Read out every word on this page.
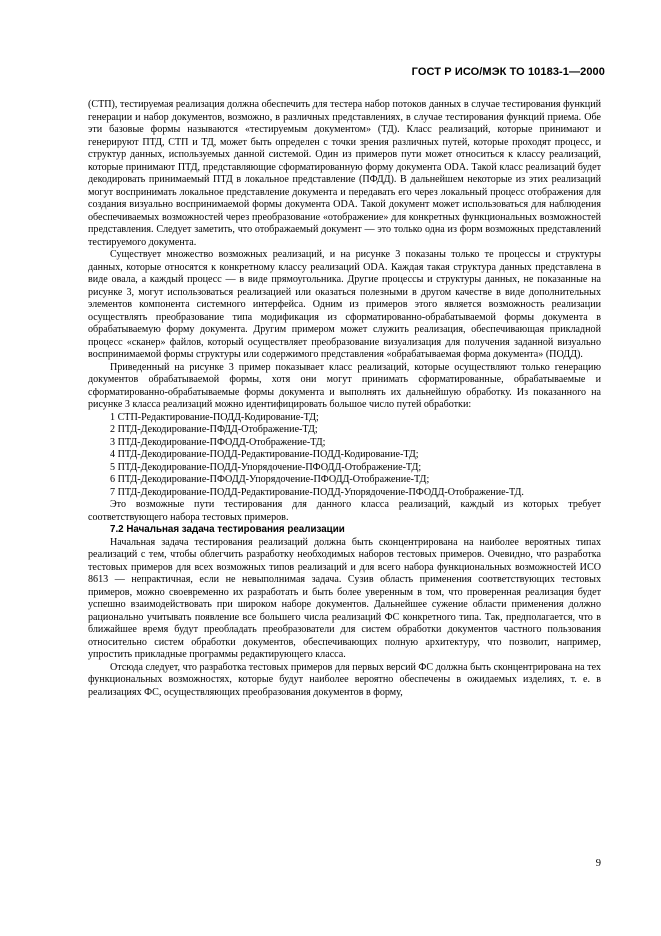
ГОСТ Р ИСО/МЭК ТО 10183-1—2000

(СТП), тестируемая реализация должна обеспечить для тестера набор потоков данных в случае тестирования функций генерации и набор документов, возможно, в различных представлениях, в случае тестирования функций приема. Обе эти базовые формы называются «тестируемым документом» (ТД). Класс реализаций, которые принимают и генерируют ПТД, СТП и ТД, может быть определен с точки зрения различных путей, которые проходят процесс, и структур данных, используемых данной системой. Один из примеров пути может относиться к классу реализаций, которые принимают ПТД, представляющие сформатированную форму документа ODA. Такой класс реализаций будет декодировать принимаемый ПТД в локальное представление (ПФДД). В дальнейшем некоторые из этих реализаций могут воспринимать локальное представление документа и передавать его через локальный процесс отображения для создания визуально воспринимаемой формы документа ODA. Такой документ может использоваться для наблюдения обеспечиваемых возможностей через преобразование «отображение» для конкретных функциональных возможностей представления. Следует заметить, что отображаемый документ — это только одна из форм возможных представлений тестируемого документа.

Существует множество возможных реализаций, и на рисунке 3 показаны только те процессы и структуры данных, которые относятся к конкретному классу реализаций ODA. Каждая такая структура данных представлена в виде овала, а каждый процесс — в виде прямоугольника. Другие процессы и структуры данных, не показанные на рисунке 3, могут использоваться реализацией или оказаться полезными в другом качестве в виде дополнительных элементов компонента системного интерфейса. Одним из примеров этого является возможность реализации осуществлять преобразование типа модификация из сформатированно-обрабатываемой формы документа в обрабатываемую форму документа. Другим примером может служить реализация, обеспечивающая прикладной процесс «сканер» файлов, который осуществляет преобразование визуализация для получения заданной визуально воспринимаемой формы структуры или содержимого представления «обрабатываемая форма документа» (ПОДД).

Приведенный на рисунке 3 пример показывает класс реализаций, которые осуществляют только генерацию документов обрабатываемой формы, хотя они могут принимать сформатированные, обрабатываемые и сформатированно-обрабатываемые формы документа и выполнять их дальнейшую обработку. Из показанного на рисунке 3 класса реализаций можно идентифицировать большое число путей обработки:

1 СТП-Редактирование-ПОДД-Кодирование-ТД;

2 ПТД-Декодирование-ПФДД-Отображение-ТД;

3 ПТД-Декодирование-ПФОДД-Отображение-ТД;

4 ПТД-Декодирование-ПОДД-Редактирование-ПОДД-Кодирование-ТД;

5 ПТД-Декодирование-ПОДД-Упорядочение-ПФОДД-Отображение-ТД;

6 ПТД-Декодирование-ПФОДД-Упорядочение-ПФОДД-Отображение-ТД;

7 ПТД-Декодирование-ПОДД-Редактирование-ПОДД-Упорядочение-ПФОДД-Отображение-ТД.

Это возможные пути тестирования для данного класса реализаций, каждый из которых требует соответствующего набора тестовых примеров.

7.2 Начальная задача тестирования реализации

Начальная задача тестирования реализаций должна быть сконцентрирована на наиболее вероятных типах реализаций с тем, чтобы облегчить разработку необходимых наборов тестовых примеров. Очевидно, что разработка тестовых примеров для всех возможных типов реализаций и для всего набора функциональных возможностей ИСО 8613 — непрактичная, если не невыполнимая задача. Сузив область применения соответствующих тестовых примеров, можно своевременно их разработать и быть более уверенным в том, что проверенная реализация будет успешно взаимодействовать при широком наборе документов. Дальнейшее сужение области применения должно рационально учитывать появление все большего числа реализаций ФС конкретного типа. Так, предполагается, что в ближайшее время будут преобладать преобразователи для систем обработки документов частного пользования относительно систем обработки документов, обеспечивающих полную архитектуру, что позволит, например, упростить прикладные программы редактирующего класса.

Отсюда следует, что разработка тестовых примеров для первых версий ФС должна быть сконцентрирована на тех функциональных возможностях, которые будут наиболее вероятно обеспечены в ожидаемых изделиях, т. е. в реализациях ФС, осуществляющих преобразования документов в форму,

9
